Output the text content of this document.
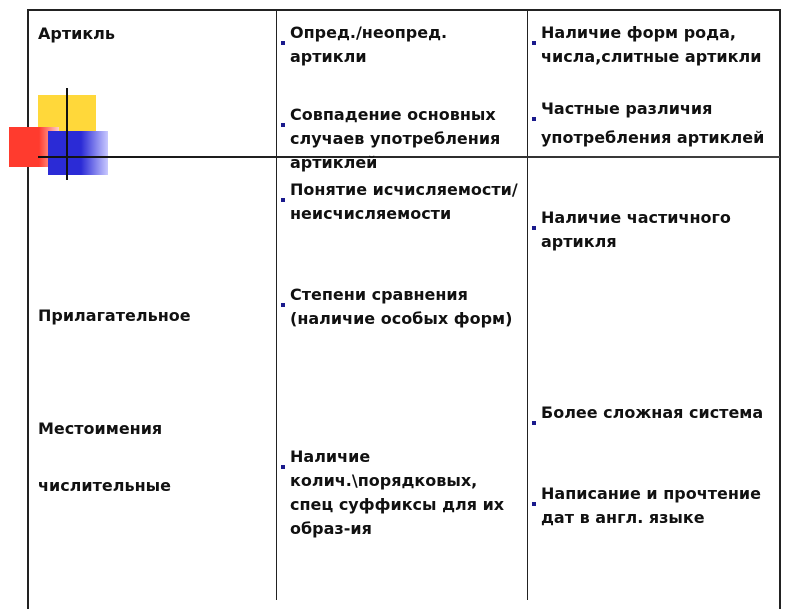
Артикль
Прилагательное
Местоимения
числительные
Опред./неопред. артикли
Совпадение основных случаев употребления артиклей
Понятие исчисляемости/неисчисляемости
Степени сравнения (наличие особых форм)
Наличие колич.\порядковых, спец суффиксы для их образ-ия
Наличие форм рода, числа,слитные артикли
Частные различия
употребления артиклей
Наличие частичного артикля
Более сложная система
Написание и прочтение дат в англ. языке
